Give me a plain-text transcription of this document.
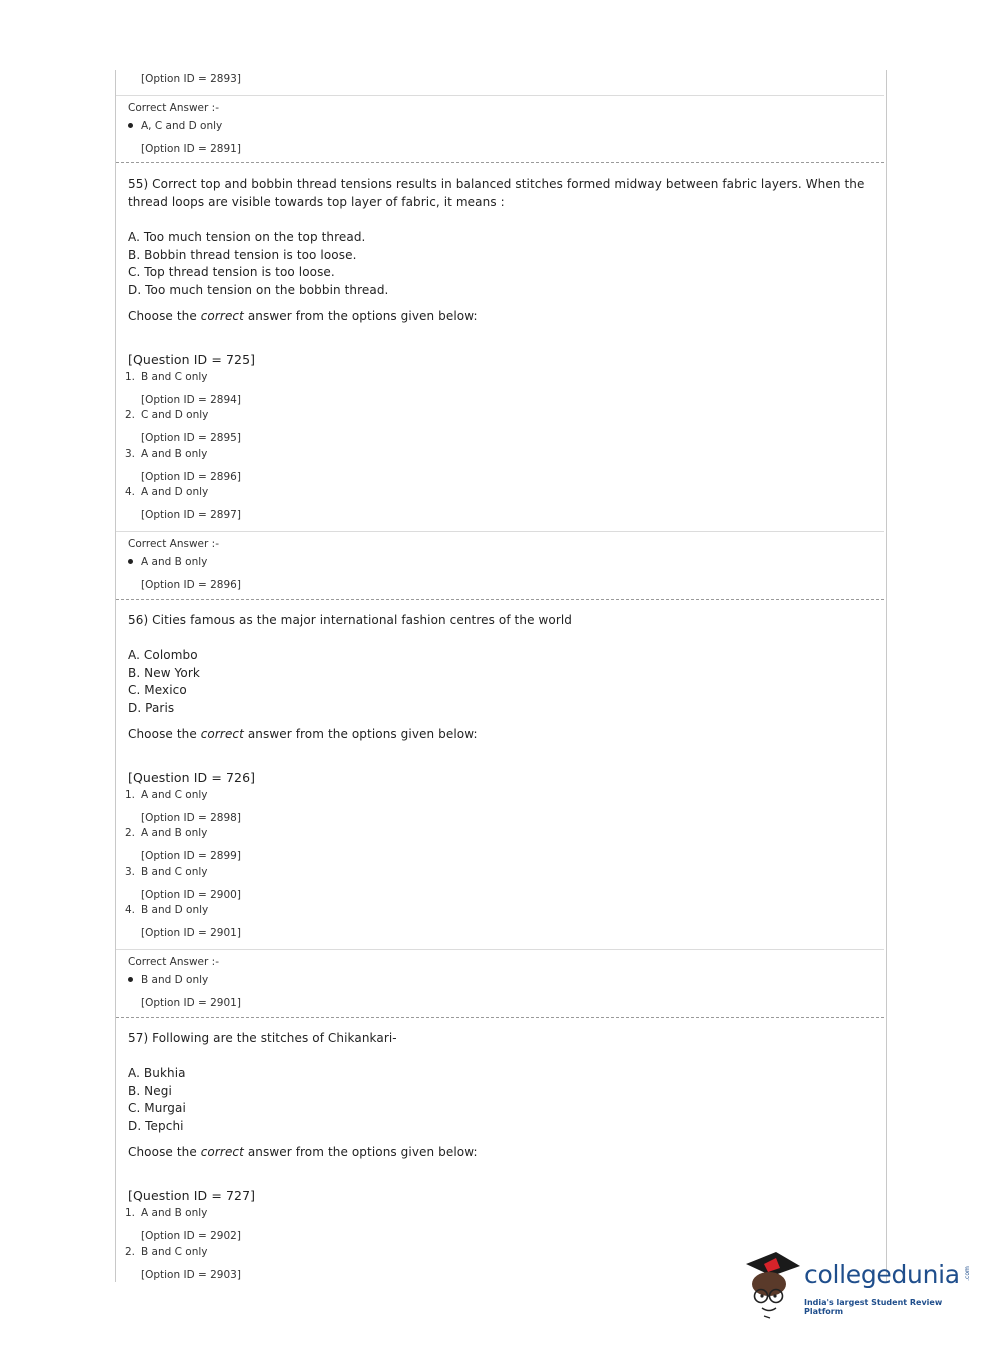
[Option ID = 2893]
Correct Answer :-
A, C and D only
[Option ID = 2891]
55) Correct top and bobbin thread tensions results in balanced stitches formed midway between fabric layers. When the
thread loops are visible towards top layer of fabric, it means :
A. Too much tension on the top thread.
B. Bobbin thread tension is too loose.
C. Top thread tension is too loose.
D. Too much tension on the bobbin thread.
Choose the correct answer from the options given below:
[Question ID = 725]
1. B and C only
[Option ID = 2894]
2. C and D only
[Option ID = 2895]
3. A and B only
[Option ID = 2896]
4. A and D only
[Option ID = 2897]
Correct Answer :-
A and B only
[Option ID = 2896]
56) Cities famous as the major international fashion centres of the world
A. Colombo
B. New York
C. Mexico
D. Paris
Choose the correct answer from the options given below:
[Question ID = 726]
1. A and C only
[Option ID = 2898]
2. A and B only
[Option ID = 2899]
3. B and C only
[Option ID = 2900]
4. B and D only
[Option ID = 2901]
Correct Answer :-
B and D only
[Option ID = 2901]
57) Following are the stitches of Chikankari-
A. Bukhia
B. Negi
C. Murgai
D. Tepchi
Choose the correct answer from the options given below:
[Question ID = 727]
1. A and B only
[Option ID = 2902]
2. B and C only
[Option ID = 2903]	collegedunia .com
India's largest Student Review Platform
